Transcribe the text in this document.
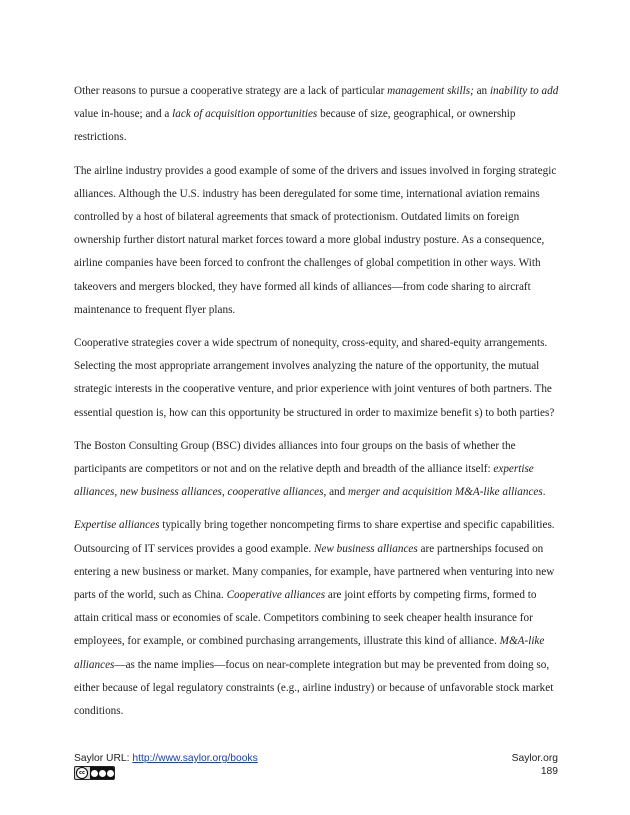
Other reasons to pursue a cooperative strategy are a lack of particular management skills; an inability to add value in-house; and a lack of acquisition opportunities because of size, geographical, or ownership restrictions.

The airline industry provides a good example of some of the drivers and issues involved in forging strategic alliances. Although the U.S. industry has been deregulated for some time, international aviation remains controlled by a host of bilateral agreements that smack of protectionism. Outdated limits on foreign ownership further distort natural market forces toward a more global industry posture. As a consequence, airline companies have been forced to confront the challenges of global competition in other ways. With takeovers and mergers blocked, they have formed all kinds of alliances—from code sharing to aircraft maintenance to frequent flyer plans.

Cooperative strategies cover a wide spectrum of nonequity, cross-equity, and shared-equity arrangements. Selecting the most appropriate arrangement involves analyzing the nature of the opportunity, the mutual strategic interests in the cooperative venture, and prior experience with joint ventures of both partners. The essential question is, how can this opportunity be structured in order to maximize benefit s) to both parties?

The Boston Consulting Group (BSC) divides alliances into four groups on the basis of whether the participants are competitors or not and on the relative depth and breadth of the alliance itself: expertise alliances, new business alliances, cooperative alliances, and merger and acquisition M&A-like alliances.

Expertise alliances typically bring together noncompeting firms to share expertise and specific capabilities. Outsourcing of IT services provides a good example. New business alliances are partnerships focused on entering a new business or market. Many companies, for example, have partnered when venturing into new parts of the world, such as China. Cooperative alliances are joint efforts by competing firms, formed to attain critical mass or economies of scale. Competitors combining to seek cheaper health insurance for employees, for example, or combined purchasing arrangements, illustrate this kind of alliance. M&A-like alliances—as the name implies—focus on near-complete integration but may be prevented from doing so, either because of legal regulatory constraints (e.g., airline industry) or because of unfavorable stock market conditions.

Saylor URL: http://www.saylor.org/books
cc
Saylor.org
189
